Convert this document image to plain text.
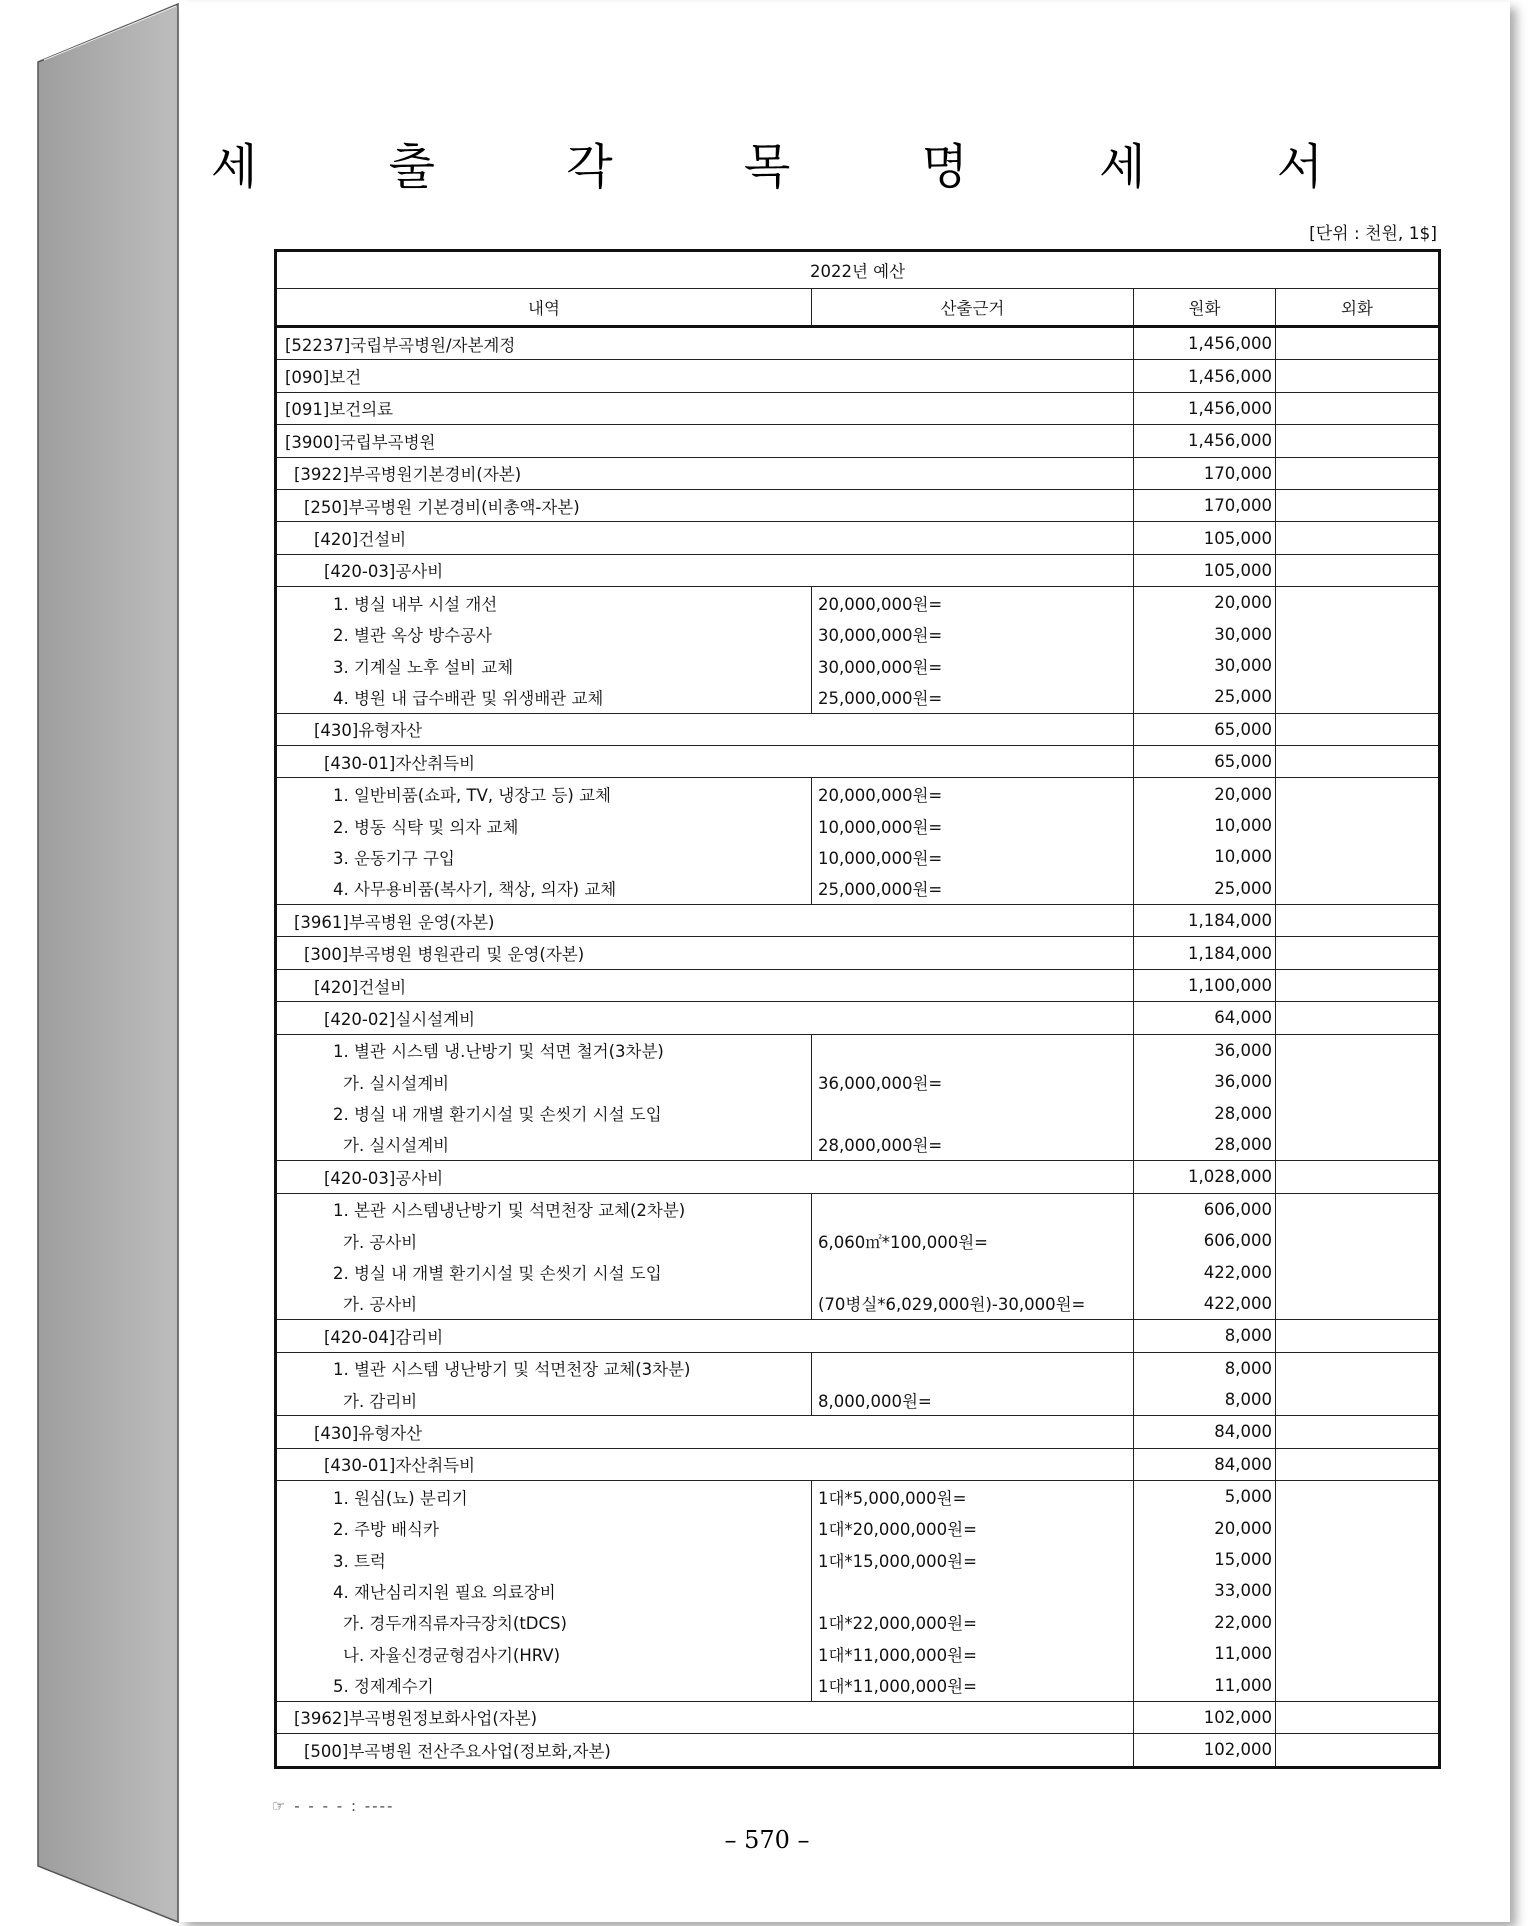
세 출 각 목 명 세 서
[단위 : 천원, 1$]
2022년 예산			
내역	산출근거	원화	외화
[52237]국립부곡병원/자본계정		1,456,000	
[090]보건		1,456,000	
[091]보건의료		1,456,000	
[3900]국립부곡병원		1,456,000	
[3922]부곡병원기본경비(자본)		170,000	
[250]부곡병원 기본경비(비총액-자본)		170,000	
[420]건설비		105,000	
[420-03]공사비		105,000	
1. 병실 내부 시설 개선	20,000,000원=	20,000	
2. 별관 옥상 방수공사	30,000,000원=	30,000	
3. 기계실 노후 설비 교체	30,000,000원=	30,000	
4. 병원 내 급수배관 및 위생배관 교체	25,000,000원=	25,000	
[430]유형자산		65,000	
[430-01]자산취득비		65,000	
1. 일반비품(쇼파, TV, 냉장고 등) 교체	20,000,000원=	20,000	
2. 병동 식탁 및 의자 교체	10,000,000원=	10,000	
3. 운동기구 구입	10,000,000원=	10,000	
4. 사무용비품(복사기, 책상, 의자) 교체	25,000,000원=	25,000	
[3961]부곡병원 운영(자본)		1,184,000	
[300]부곡병원 병원관리 및 운영(자본)		1,184,000	
[420]건설비		1,100,000	
[420-02]실시설계비		64,000	
1. 별관 시스템 냉.난방기 및 석면 철거(3차분)		36,000	
가. 실시설계비	36,000,000원=	36,000	
2. 병실 내 개별 환기시설 및 손씻기 시설 도입		28,000	
가. 실시설계비	28,000,000원=	28,000	
[420-03]공사비		1,028,000	
1. 본관 시스템냉난방기 및 석면천장 교체(2차분)		606,000	
가. 공사비	6,060㎡*100,000원=	606,000	
2. 병실 내 개별 환기시설 및 손씻기 시설 도입		422,000	
가. 공사비	(70병실*6,029,000원)-30,000원=	422,000	
[420-04]감리비		8,000	
1. 별관 시스템 냉난방기 및 석면천장 교체(3차분)		8,000	
가. 감리비	8,000,000원=	8,000	
[430]유형자산		84,000	
[430-01]자산취득비		84,000	
1. 원심(뇨) 분리기	1대*5,000,000원=	5,000	
2. 주방 배식카	1대*20,000,000원=	20,000	
3. 트럭	1대*15,000,000원=	15,000	
4. 재난심리지원 필요 의료장비		33,000	
가. 경두개직류자극장치(tDCS)	1대*22,000,000원=	22,000	
나. 자율신경균형검사기(HRV)	1대*11,000,000원=	11,000	
5. 정제계수기	1대*11,000,000원=	11,000	
[3962]부곡병원정보화사업(자본)		102,000	
[500]부곡병원 전산주요사업(정보화,자본)		102,000	
☞ - - - - : ----
– 570 –
